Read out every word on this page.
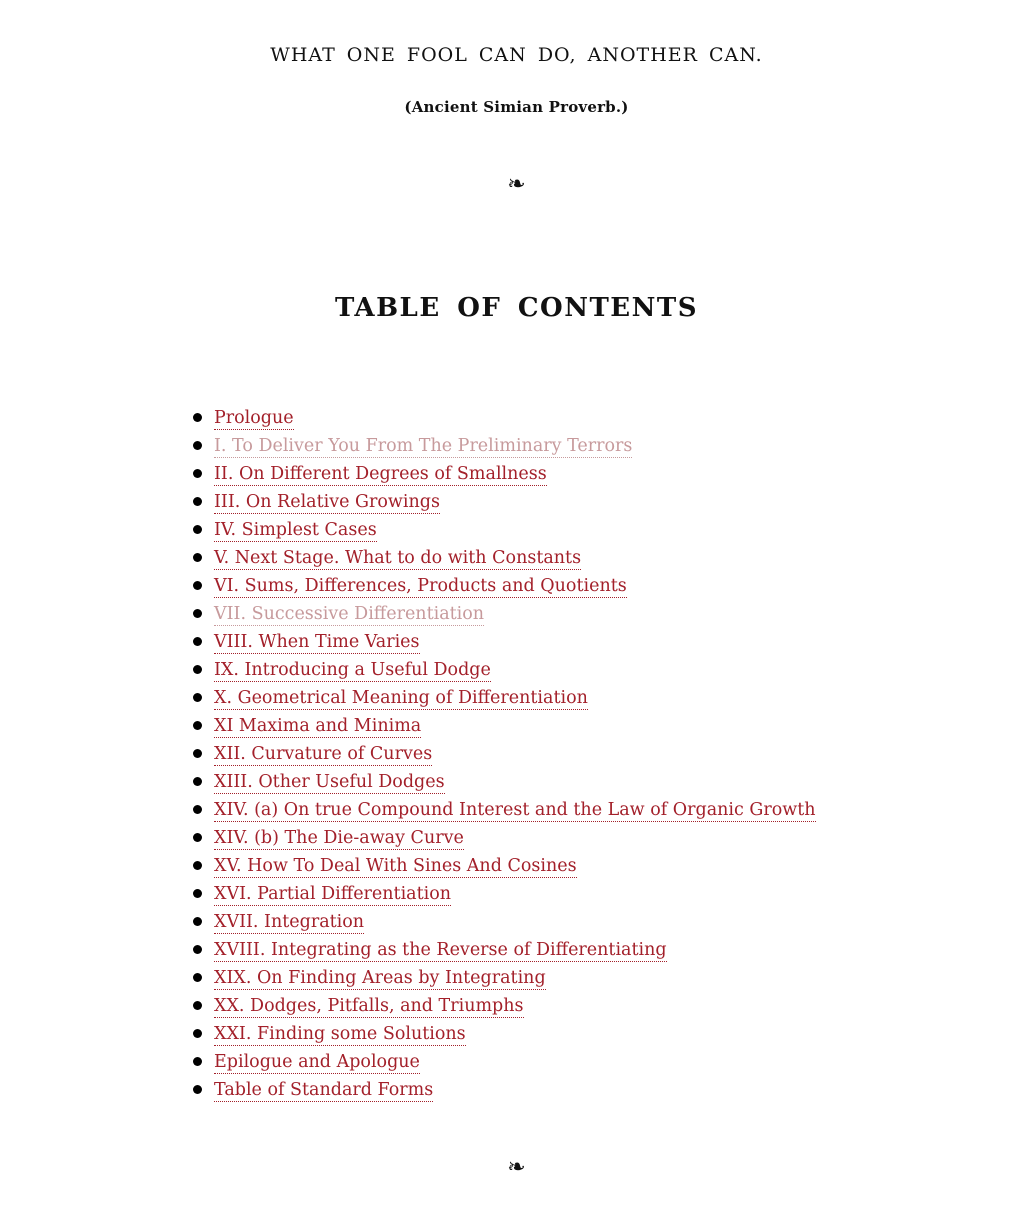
WHAT ONE FOOL CAN DO, ANOTHER CAN.
(Ancient Simian Proverb.)
❧
TABLE OF CONTENTS
Prologue
I. To Deliver You From The Preliminary Terrors
II. On Different Degrees of Smallness
III. On Relative Growings
IV. Simplest Cases
V. Next Stage. What to do with Constants
VI. Sums, Differences, Products and Quotients
VII. Successive Differentiation
VIII. When Time Varies
IX. Introducing a Useful Dodge
X. Geometrical Meaning of Differentiation
XI Maxima and Minima
XII. Curvature of Curves
XIII. Other Useful Dodges
XIV. (a) On true Compound Interest and the Law of Organic Growth
XIV. (b) The Die-away Curve
XV. How To Deal With Sines And Cosines
XVI. Partial Differentiation
XVII. Integration
XVIII. Integrating as the Reverse of Differentiating
XIX. On Finding Areas by Integrating
XX. Dodges, Pitfalls, and Triumphs
XXI. Finding some Solutions
Epilogue and Apologue
Table of Standard Forms
❧
